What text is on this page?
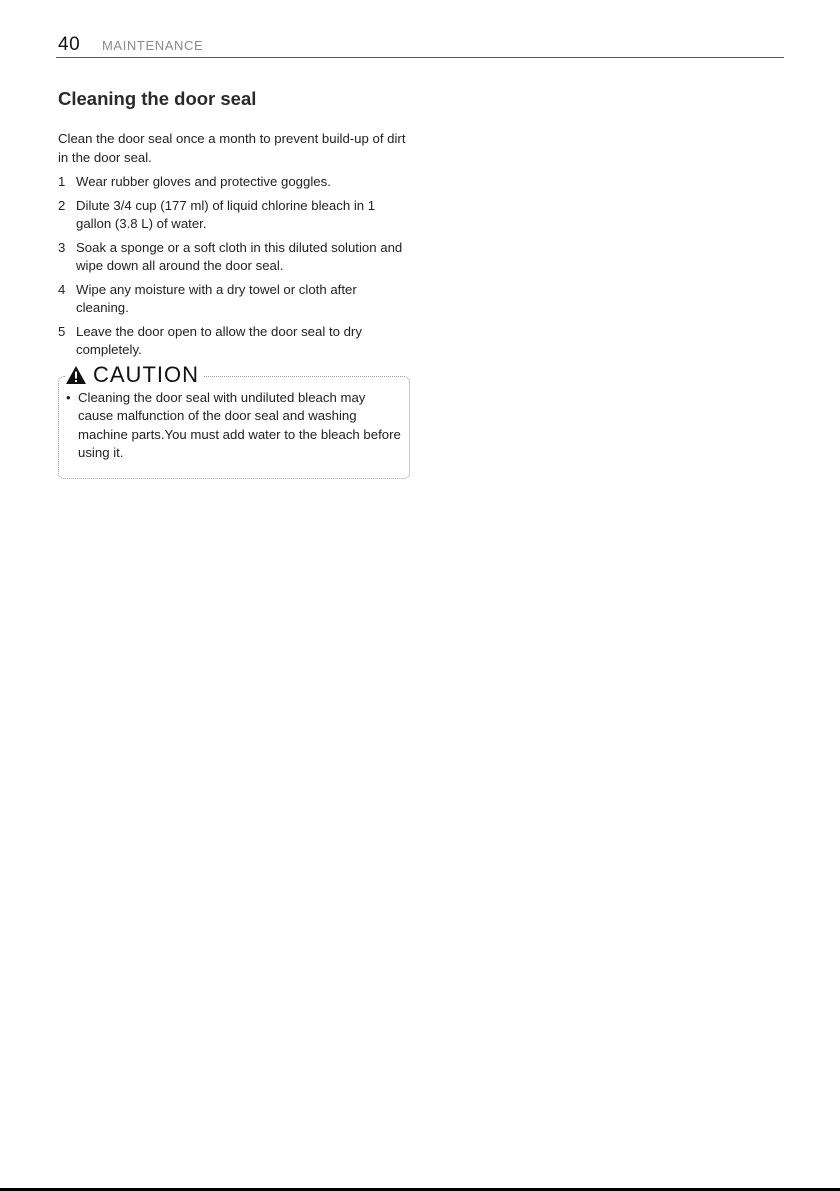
40 MAINTENANCE
Cleaning the door seal

Clean the door seal once a month to prevent build-up of dirt in the door seal.

1 Wear rubber gloves and protective goggles.
2 Dilute 3/4 cup (177 ml) of liquid chlorine bleach in 1 gallon (3.8 L) of water.
3 Soak a sponge or a soft cloth in this diluted solution and wipe down all around the door seal.
4 Wipe any moisture with a dry towel or cloth after cleaning.
5 Leave the door open to allow the door seal to dry completely.
CAUTION
• Cleaning the door seal with undiluted bleach may cause malfunction of the door seal and washing machine parts.You must add water to the bleach before using it.
